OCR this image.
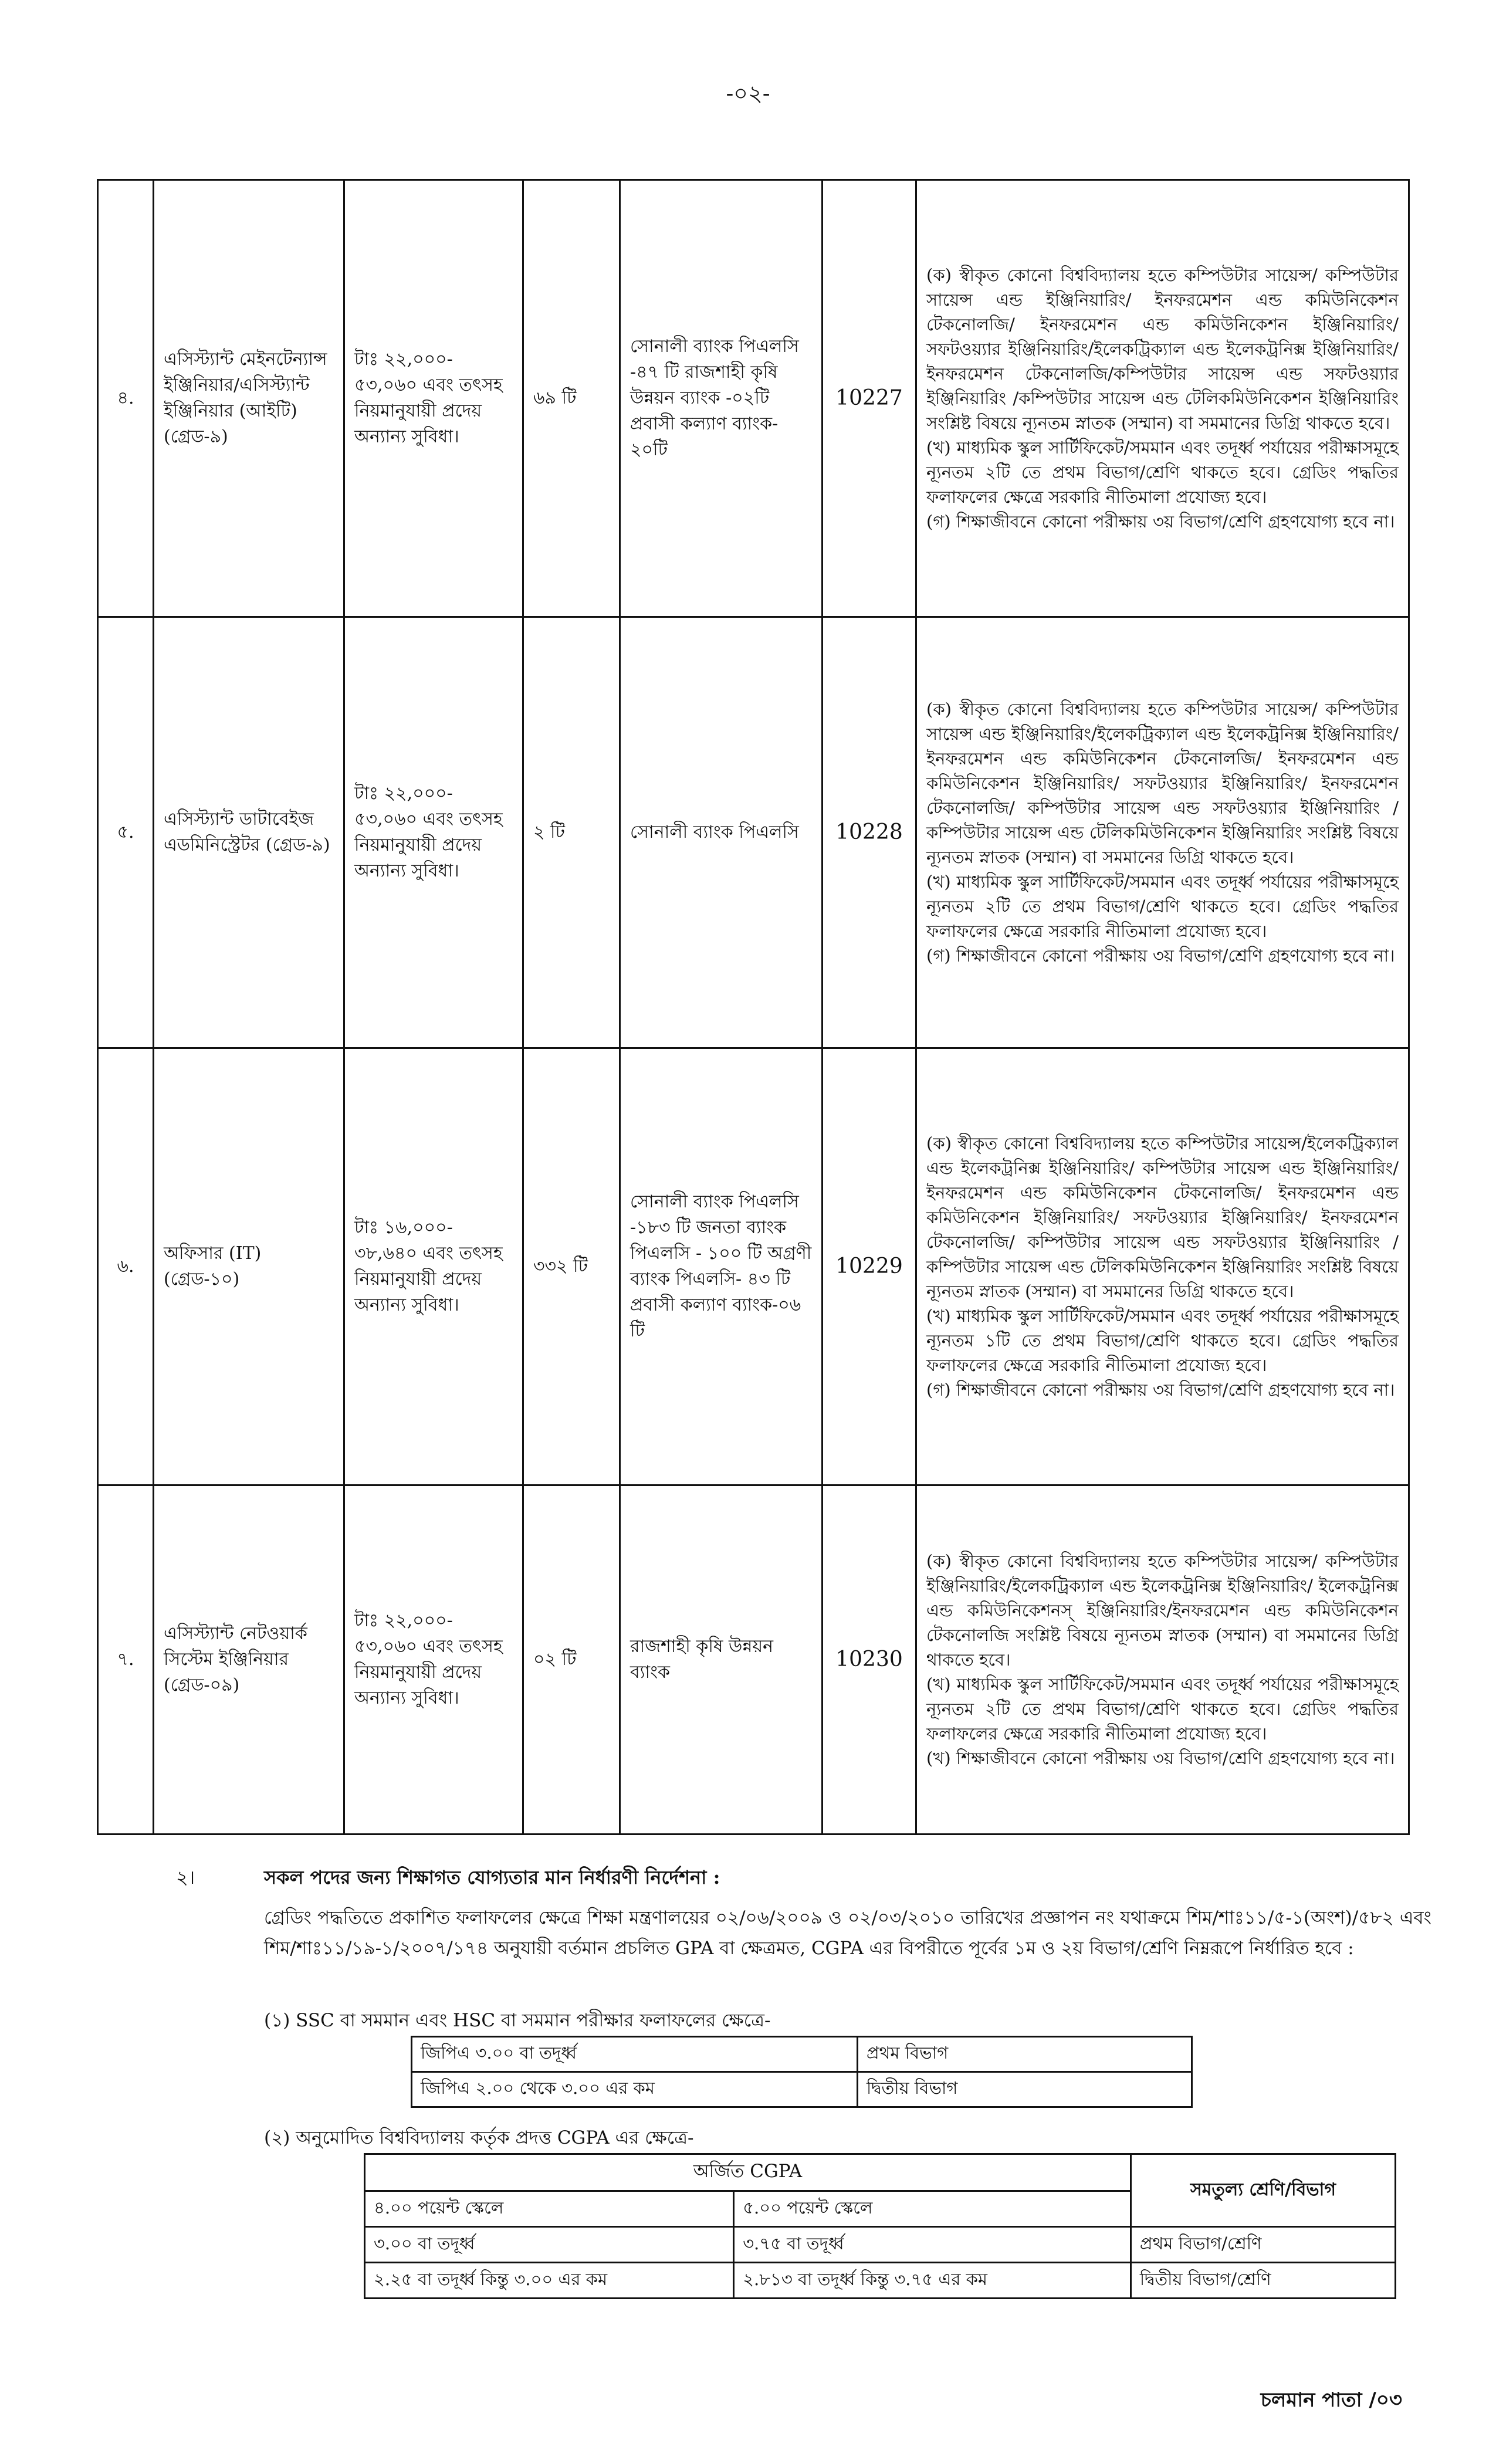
-০২-
৪.	এসিস্ট্যান্ট মেইনটেন্যান্স ইঞ্জিনিয়ার/এসিস্ট্যান্ট ইঞ্জিনিয়ার (আইটি) (গ্রেড-৯)	টাঃ ২২,০০০- ৫৩,০৬০ এবং তৎসহ নিয়মানুযায়ী প্রদেয় অন্যান্য সুবিধা।	৬৯ টি	সোনালী ব্যাংক পিএলসি -৪৭ টি রাজশাহী কৃষি উন্নয়ন ব্যাংক -০২টি প্রবাসী কল্যাণ ব্যাংক- ২০টি	10227	(ক) স্বীকৃত কোনো বিশ্ববিদ্যালয় হতে কম্পিউটার সায়েন্স/ কম্পিউটার সায়েন্স এন্ড ইঞ্জিনিয়ারিং/ ইনফরমেশন এন্ড কমিউনিকেশন টেকনোলজি/ ইনফরমেশন এন্ড কমিউনিকেশন ইঞ্জিনিয়ারিং/ সফটওয়্যার ইঞ্জিনিয়ারিং/ইলেকট্রিক্যাল এন্ড ইলেকট্রনিক্স ইঞ্জিনিয়ারিং/ ইনফরমেশন টেকনোলজি/কম্পিউটার সায়েন্স এন্ড সফটওয়্যার ইঞ্জিনিয়ারিং /কম্পিউটার সায়েন্স এন্ড টেলিকমিউনিকেশন ইঞ্জিনিয়ারিং সংশ্লিষ্ট বিষয়ে ন্যূনতম স্নাতক (সম্মান) বা সমমানের ডিগ্রি থাকতে হবে।
(খ) মাধ্যমিক স্কুল সার্টিফিকেট/সমমান এবং তদূর্ধ্ব পর্যায়ের পরীক্ষাসমূহে ন্যূনতম ২টি তে প্রথম বিভাগ/শ্রেণি থাকতে হবে। গ্রেডিং পদ্ধতির ফলাফলের ক্ষেত্রে সরকারি নীতিমালা প্রযোজ্য হবে।
(গ) শিক্ষাজীবনে কোনো পরীক্ষায় ৩য় বিভাগ/শ্রেণি গ্রহণযোগ্য হবে না।

৫.	এসিস্ট্যান্ট ডাটাবেইজ এডমিনিস্ট্রেটর (গ্রেড-৯)	টাঃ ২২,০০০- ৫৩,০৬০ এবং তৎসহ নিয়মানুযায়ী প্রদেয় অন্যান্য সুবিধা।	২ টি	সোনালী ব্যাংক পিএলসি	10228	(ক) স্বীকৃত কোনো বিশ্ববিদ্যালয় হতে কম্পিউটার সায়েন্স/ কম্পিউটার সায়েন্স এন্ড ইঞ্জিনিয়ারিং/ইলেকট্রিক্যাল এন্ড ইলেকট্রনিক্স ইঞ্জিনিয়ারিং/ ইনফরমেশন এন্ড কমিউনিকেশন টেকনোলজি/ ইনফরমেশন এন্ড কমিউনিকেশন ইঞ্জিনিয়ারিং/ সফটওয়্যার ইঞ্জিনিয়ারিং/ ইনফরমেশন টেকনোলজি/ কম্পিউটার সায়েন্স এন্ড সফটওয়্যার ইঞ্জিনিয়ারিং /কম্পিউটার সায়েন্স এন্ড টেলিকমিউনিকেশন ইঞ্জিনিয়ারিং সংশ্লিষ্ট বিষয়ে ন্যূনতম স্নাতক (সম্মান) বা সমমানের ডিগ্রি থাকতে হবে।
(খ) মাধ্যমিক স্কুল সার্টিফিকেট/সমমান এবং তদূর্ধ্ব পর্যায়ের পরীক্ষাসমূহে ন্যূনতম ২টি তে প্রথম বিভাগ/শ্রেণি থাকতে হবে। গ্রেডিং পদ্ধতির ফলাফলের ক্ষেত্রে সরকারি নীতিমালা প্রযোজ্য হবে।
(গ) শিক্ষাজীবনে কোনো পরীক্ষায় ৩য় বিভাগ/শ্রেণি গ্রহণযোগ্য হবে না।

৬.	অফিসার (IT) (গ্রেড-১০)	টাঃ ১৬,০০০- ৩৮,৬৪০ এবং তৎসহ নিয়মানুযায়ী প্রদেয় অন্যান্য সুবিধা।	৩৩২ টি	সোনালী ব্যাংক পিএলসি -১৮৩ টি জনতা ব্যাংক পিএলসি - ১০০ টি অগ্রণী ব্যাংক পিএলসি- ৪৩ টি প্রবাসী কল্যাণ ব্যাংক-০৬ টি	10229	(ক) স্বীকৃত কোনো বিশ্ববিদ্যালয় হতে কম্পিউটার সায়েন্স/ইলেকট্রিক্যাল এন্ড ইলেকট্রনিক্স ইঞ্জিনিয়ারিং/ কম্পিউটার সায়েন্স এন্ড ইঞ্জিনিয়ারিং/ ইনফরমেশন এন্ড কমিউনিকেশন টেকনোলজি/ ইনফরমেশন এন্ড কমিউনিকেশন ইঞ্জিনিয়ারিং/ সফটওয়্যার ইঞ্জিনিয়ারিং/ ইনফরমেশন টেকনোলজি/ কম্পিউটার সায়েন্স এন্ড সফটওয়্যার ইঞ্জিনিয়ারিং /কম্পিউটার সায়েন্স এন্ড টেলিকমিউনিকেশন ইঞ্জিনিয়ারিং সংশ্লিষ্ট বিষয়ে ন্যূনতম স্নাতক (সম্মান) বা সমমানের ডিগ্রি থাকতে হবে।
(খ) মাধ্যমিক স্কুল সার্টিফিকেট/সমমান এবং তদূর্ধ্ব পর্যায়ের পরীক্ষাসমূহে ন্যূনতম ১টি তে প্রথম বিভাগ/শ্রেণি থাকতে হবে। গ্রেডিং পদ্ধতির ফলাফলের ক্ষেত্রে সরকারি নীতিমালা প্রযোজ্য হবে।
(গ) শিক্ষাজীবনে কোনো পরীক্ষায় ৩য় বিভাগ/শ্রেণি গ্রহণযোগ্য হবে না।

৭.	এসিস্ট্যান্ট নেটওয়ার্ক সিস্টেম ইঞ্জিনিয়ার (গ্রেড-০৯)	টাঃ ২২,০০০- ৫৩,০৬০ এবং তৎসহ নিয়মানুযায়ী প্রদেয় অন্যান্য সুবিধা।	০২ টি	রাজশাহী কৃষি উন্নয়ন ব্যাংক	10230	(ক) স্বীকৃত কোনো বিশ্ববিদ্যালয় হতে কম্পিউটার সায়েন্স/ কম্পিউটার ইঞ্জিনিয়ারিং/ইলেকট্রিক্যাল এন্ড ইলেকট্রনিক্স ইঞ্জিনিয়ারিং/ ইলেকট্রনিক্স এন্ড কমিউনিকেশনস্ ইঞ্জিনিয়ারিং/ইনফরমেশন এন্ড কমিউনিকেশন টেকনোলজি সংশ্লিষ্ট বিষয়ে ন্যূনতম স্নাতক (সম্মান) বা সমমানের ডিগ্রি থাকতে হবে।
(খ) মাধ্যমিক স্কুল সার্টিফিকেট/সমমান এবং তদূর্ধ্ব পর্যায়ের পরীক্ষাসমূহে ন্যূনতম ২টি তে প্রথম বিভাগ/শ্রেণি থাকতে হবে। গ্রেডিং পদ্ধতির ফলাফলের ক্ষেত্রে সরকারি নীতিমালা প্রযোজ্য হবে।
(খ) শিক্ষাজীবনে কোনো পরীক্ষায় ৩য় বিভাগ/শ্রেণি গ্রহণযোগ্য হবে না।
২।	সকল পদের জন্য শিক্ষাগত যোগ্যতার মান নির্ধারণী নির্দেশনা :
গ্রেডিং পদ্ধতিতে প্রকাশিত ফলাফলের ক্ষেত্রে শিক্ষা মন্ত্রণালয়ের ০২/০৬/২০০৯ ও ০২/০৩/২০১০ তারিখের প্রজ্ঞাপন নং যথাক্রমে শিম/শাঃ১১/৫-১(অংশ)/৫৮২ এবং শিম/শাঃ১১/১৯-১/২০০৭/১৭৪ অনুযায়ী বর্তমান প্রচলিত GPA বা ক্ষেত্রমত, CGPA এর বিপরীতে পূর্বের ১ম ও ২য় বিভাগ/শ্রেণি নিম্নরূপে নির্ধারিত হবে :
(১) SSC বা সমমান এবং HSC বা সমমান পরীক্ষার ফলাফলের ক্ষেত্রে-
জিপিএ ৩.০০ বা তদূর্ধ্ব	প্রথম বিভাগ
জিপিএ ২.০০ থেকে ৩.০০ এর কম	দ্বিতীয় বিভাগ
(২) অনুমোদিত বিশ্ববিদ্যালয় কর্তৃক প্রদত্ত CGPA এর ক্ষেত্রে-
অর্জিত CGPA		সমতুল্য শ্রেণি/বিভাগ
৪.০০ পয়েন্ট স্কেলে	৫.০০ পয়েন্ট স্কেলে	
৩.০০ বা তদূর্ধ্ব	৩.৭৫ বা তদূর্ধ্ব	প্রথম বিভাগ/শ্রেণি
২.২৫ বা তদূর্ধ্ব কিন্তু ৩.০০ এর কম	২.৮১৩ বা তদূর্ধ্ব কিন্তু ৩.৭৫ এর কম	দ্বিতীয় বিভাগ/শ্রেণি
চলমান পাতা /০৩
